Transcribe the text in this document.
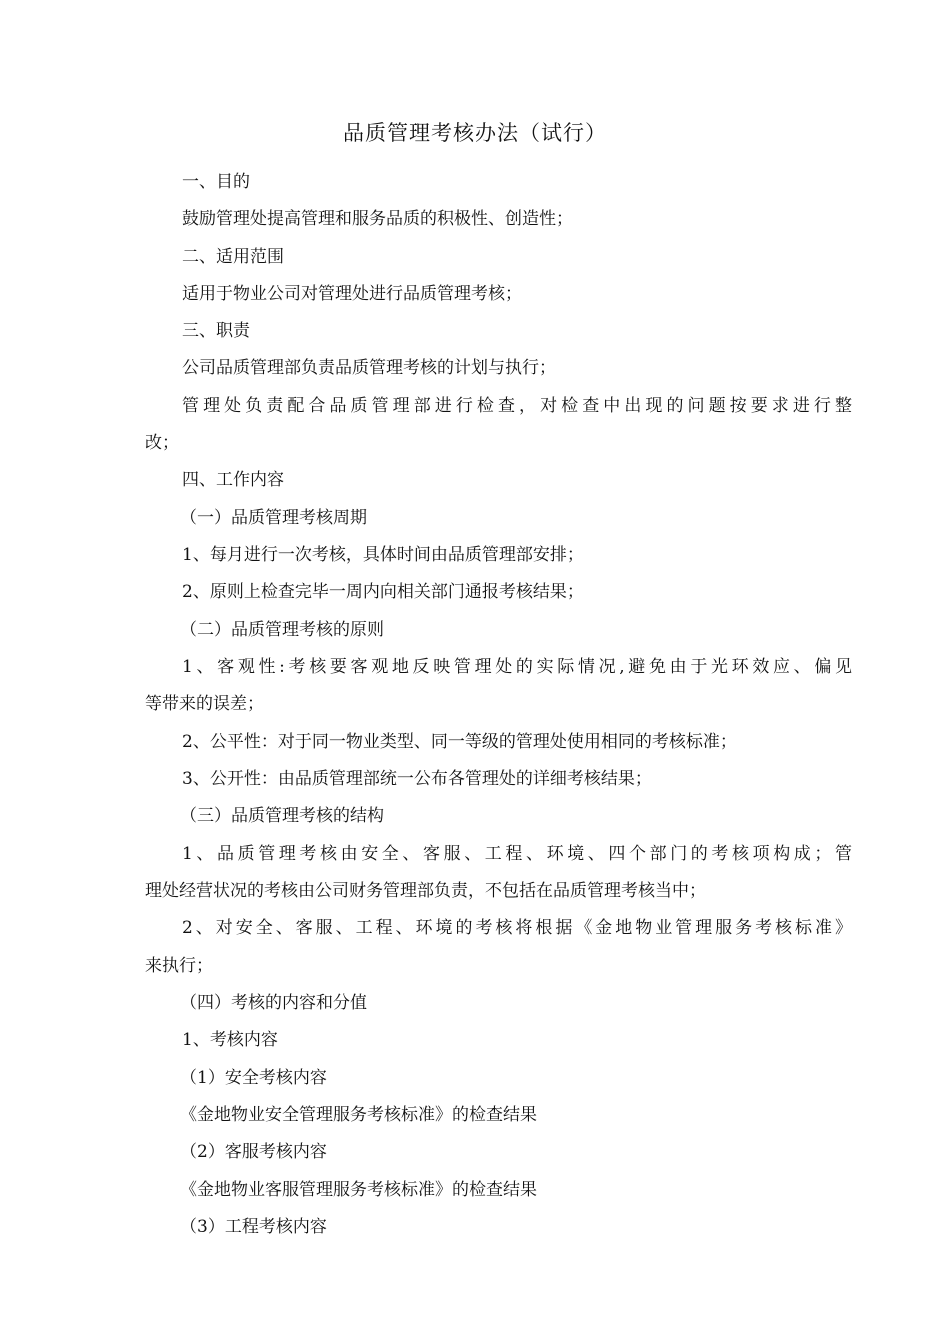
品质管理考核办法（试行）
一、目的
鼓励管理处提高管理和服务品质的积极性、创造性；
二、适用范围
适用于物业公司对管理处进行品质管理考核；
三、职责
公司品质管理部负责品质管理考核的计划与执行；
管理处负责配合品质管理部进行检查，对检查中出现的问题按要求进行整
改；
四、工作内容
（一）品质管理考核周期
1、每月进行一次考核，具体时间由品质管理部安排；
2、原则上检查完毕一周内向相关部门通报考核结果；
（二）品质管理考核的原则
1、客观性:考核要客观地反映管理处的实际情况,避免由于光环效应、偏见
等带来的误差；
2、公平性：对于同一物业类型、同一等级的管理处使用相同的考核标准；
3、公开性：由品质管理部统一公布各管理处的详细考核结果；
（三）品质管理考核的结构
1、品质管理考核由安全、客服、工程、环境、四个部门的考核项构成；管
理处经营状况的考核由公司财务管理部负责，不包括在品质管理考核当中；
2、对安全、客服、工程、环境的考核将根据《金地物业管理服务考核标准》
来执行；
（四）考核的内容和分值
1、考核内容
（1）安全考核内容
《金地物业安全管理服务考核标准》的检查结果
（2）客服考核内容
《金地物业客服管理服务考核标准》的检查结果
（3）工程考核内容
